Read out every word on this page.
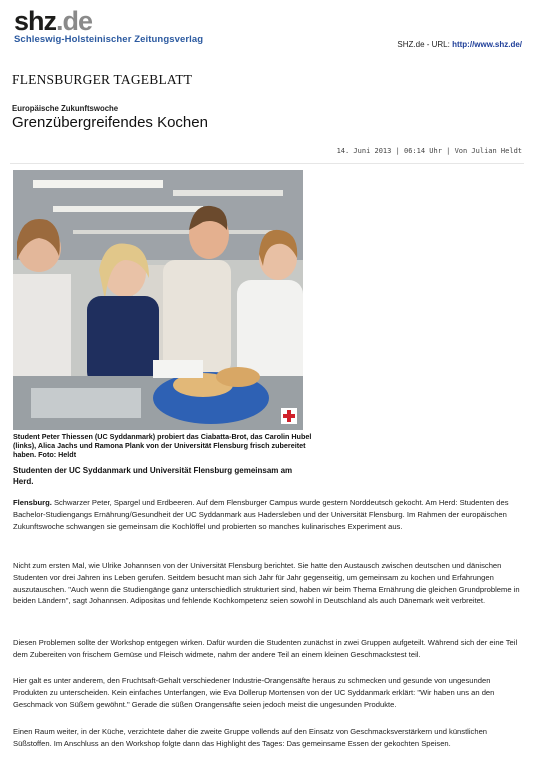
shz.de
Schleswig-Holsteinischer Zeitungsverlag	SHZ.de - URL: http://www.shz.de/
FLENSBURGER TAGEBLATT
Europäische Zukunftswoche
Grenzübergreifendes Kochen
14. Juni 2013 | 06:14 Uhr | Von Julian Heldt
Student Peter Thiessen (UC Syddanmark) probiert das Ciabatta-Brot, das Carolin Hubel (links), Alica Jachs und Ramona Plank von der Universität Flensburg frisch zubereitet haben. Foto: Heldt
Studenten der UC Syddanmark und Universität Flensburg gemeinsam am Herd.
Flensburg. Schwarzer Peter, Spargel und Erdbeeren. Auf dem Flensburger Campus wurde gestern Norddeutsch gekocht. Am Herd: Studenten des Bachelor-Studiengangs Ernährung/Gesundheit der UC Syddanmark aus Hadersleben und der Universität Flensburg. Im Rahmen der europäischen Zukunftswoche schwangen sie gemeinsam die Kochlöffel und probierten so manches kulinarisches Experiment aus.
Nicht zum ersten Mal, wie Ulrike Johannsen von der Universität Flensburg berichtet. Sie hatte den Austausch zwischen deutschen und dänischen Studenten vor drei Jahren ins Leben gerufen. Seitdem besucht man sich Jahr für Jahr gegenseitig, um gemeinsam zu kochen und Erfahrungen auszutauschen. "Auch wenn die Studiengänge ganz unterschiedlich strukturiert sind, haben wir beim Thema Ernährung die gleichen Grundprobleme in beiden Ländern", sagt Johannsen. Adipositas und fehlende Kochkompetenz seien sowohl in Deutschland als auch Dänemark weit verbreitet.
Diesen Problemen sollte der Workshop entgegen wirken. Dafür wurden die Studenten zunächst in zwei Gruppen aufgeteilt. Während sich der eine Teil dem Zubereiten von frischem Gemüse und Fleisch widmete, nahm der andere Teil an einem kleinen Geschmackstest teil.
Hier galt es unter anderem, den Fruchtsaft-Gehalt verschiedener Industrie-Orangensäfte heraus zu schmecken und gesunde von ungesunden Produkten zu unterscheiden. Kein einfaches Unterfangen, wie Eva Dollerup Mortensen von der UC Syddanmark erklärt: "Wir haben uns an den Geschmack von Süßem gewöhnt." Gerade die süßen Orangensäfte seien jedoch meist die ungesunden Produkte.
Einen Raum weiter, in der Küche, verzichtete daher die zweite Gruppe vollends auf den Einsatz von Geschmacksverstärkern und künstlichen Süßstoffen. Im Anschluss an den Workshop folgte dann das Highlight des Tages: Das gemeinsame Essen der gekochten Speisen.
